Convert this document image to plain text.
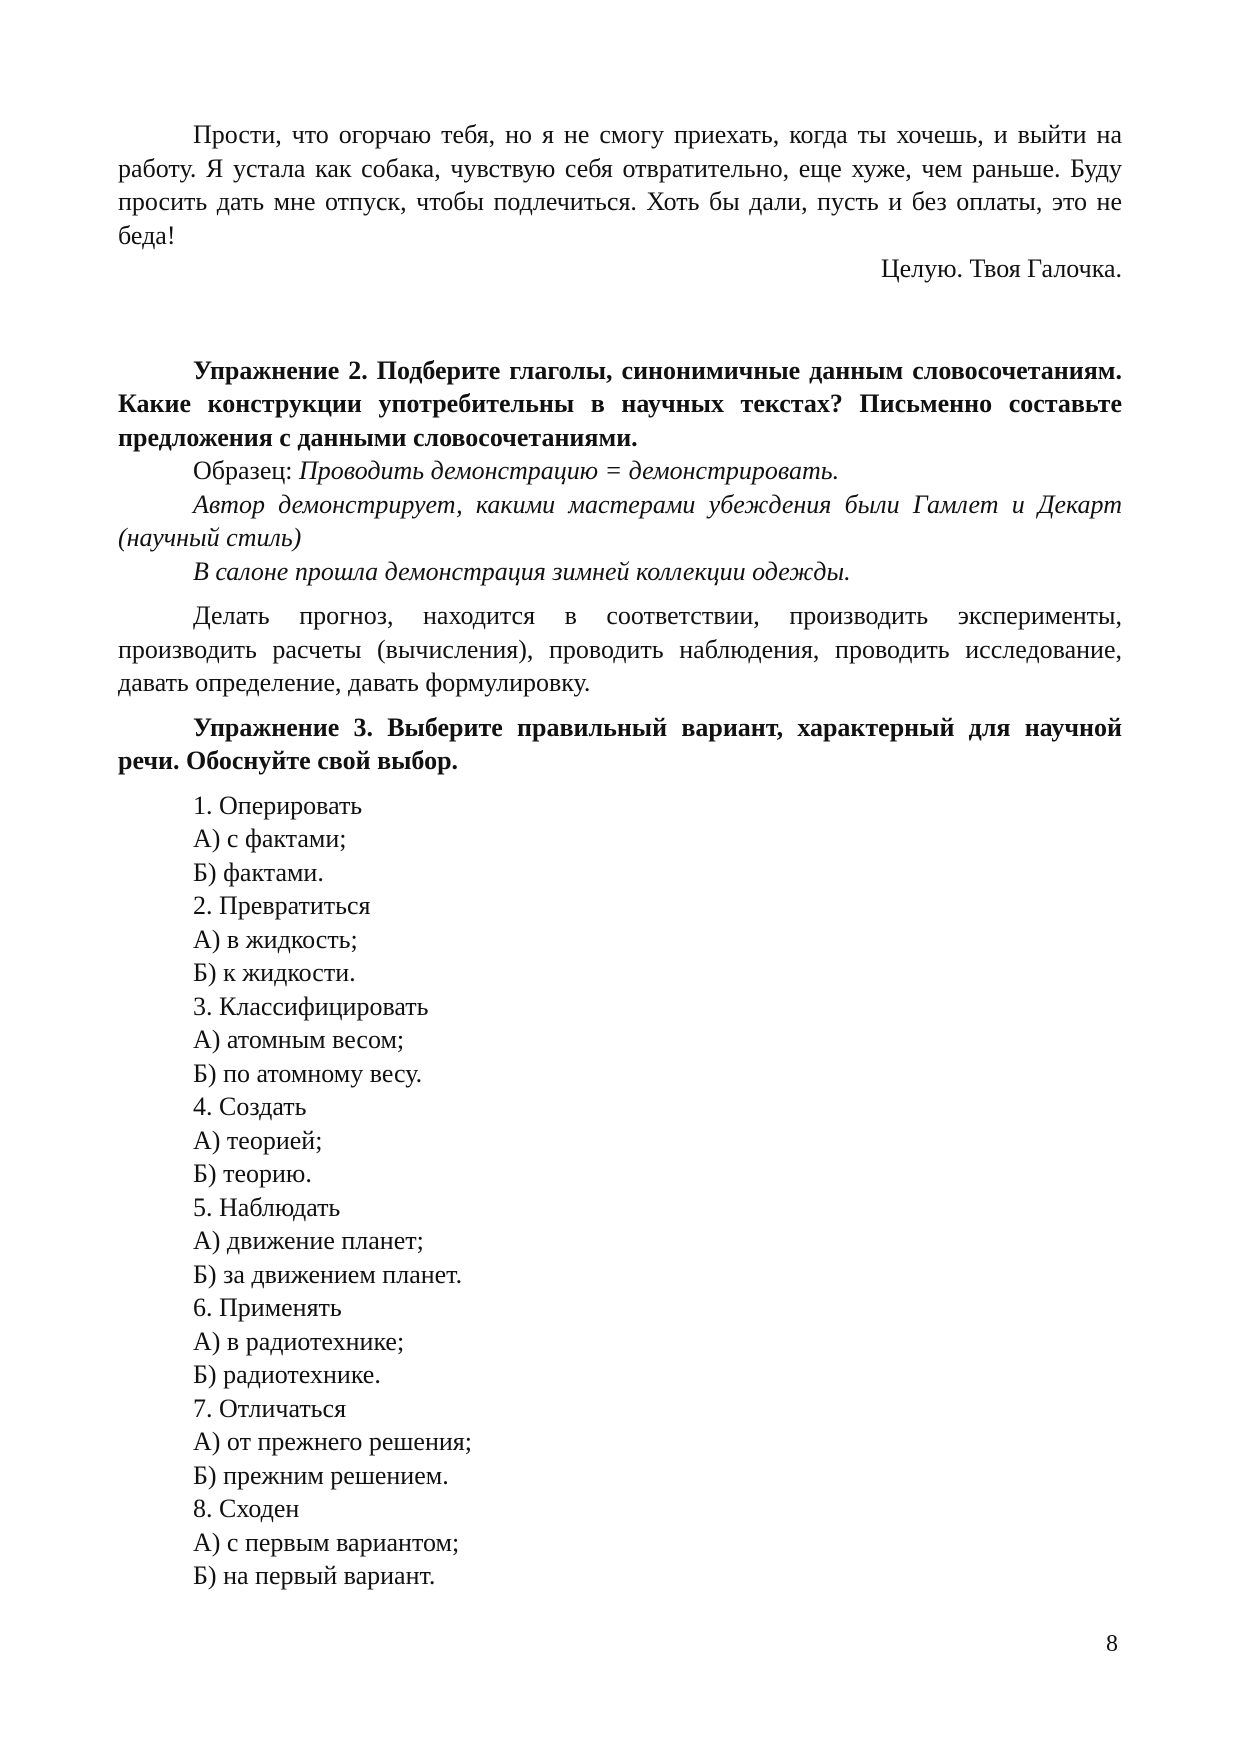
Прости, что огорчаю тебя, но я не смогу приехать, когда ты хочешь, и выйти на работу. Я устала как собака, чувствую себя отвратительно, еще хуже, чем раньше. Буду просить дать мне отпуск, чтобы подлечиться. Хоть бы дали, пусть и без оплаты, это не беда!

Целую. Твоя Галочка.

Упражнение 2. Подберите глаголы, синонимичные данным словосочетаниям. Какие конструкции употребительны в научных текстах? Письменно составьте предложения с данными словосочетаниями.

Образец: Проводить демонстрацию = демонстрировать.

Автор демонстрирует, какими мастерами убеждения были Гамлет и Декарт (научный стиль)

В салоне прошла демонстрация зимней коллекции одежды.

Делать прогноз, находится в соответствии, производить эксперименты, производить расчеты (вычисления), проводить наблюдения, проводить исследование, давать определение, давать формулировку.

Упражнение 3. Выберите правильный вариант, характерный для научной речи. Обоснуйте свой выбор.

1. Оперировать

А) с фактами;

Б) фактами.

2. Превратиться

А) в жидкость;

Б) к жидкости.

3. Классифицировать

А) атомным весом;

Б) по атомному весу.

4. Создать

А) теорией;

Б) теорию.

5. Наблюдать

А) движение планет;

Б) за движением планет.

6. Применять

А) в радиотехнике;

Б) радиотехнике.

7. Отличаться

А) от прежнего решения;

Б) прежним решением.

8. Сходен

А) с первым вариантом;

Б) на первый вариант.

8
